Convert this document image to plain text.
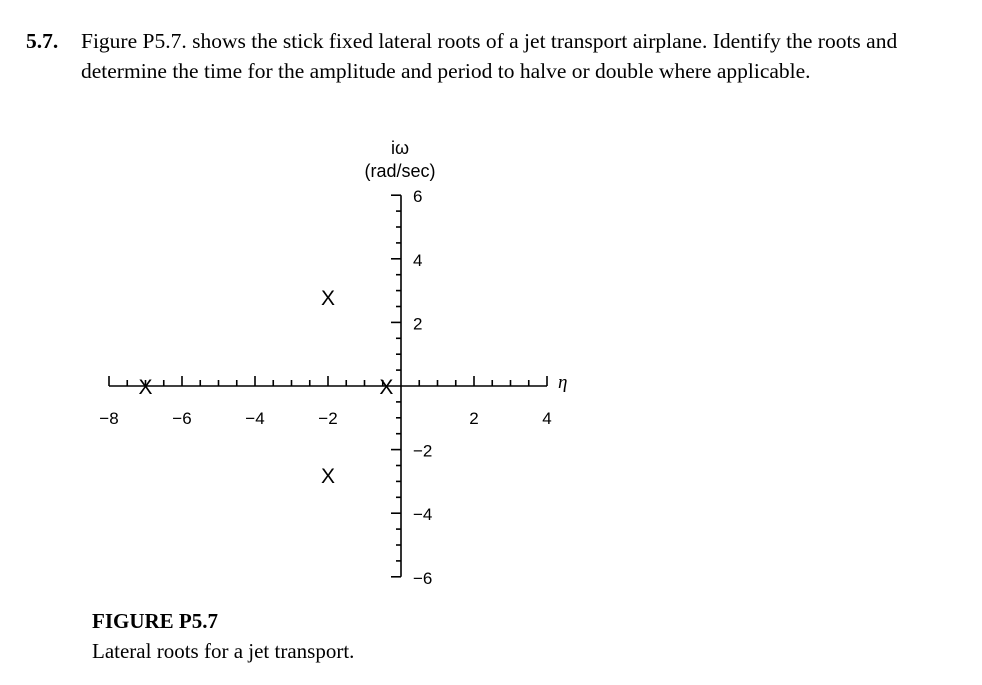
5.7. Figure P5.7. shows the stick fixed lateral roots of a jet transport airplane. Identify the roots and determine the time for the amplitude and period to halve or double where applicable.
iω
(rad/sec)
η
−8	−6	−4	−2	2	4
6
4
2
−2
−4
−6
X
X
X
X
FIGURE P5.7
Lateral roots for a jet transport.
